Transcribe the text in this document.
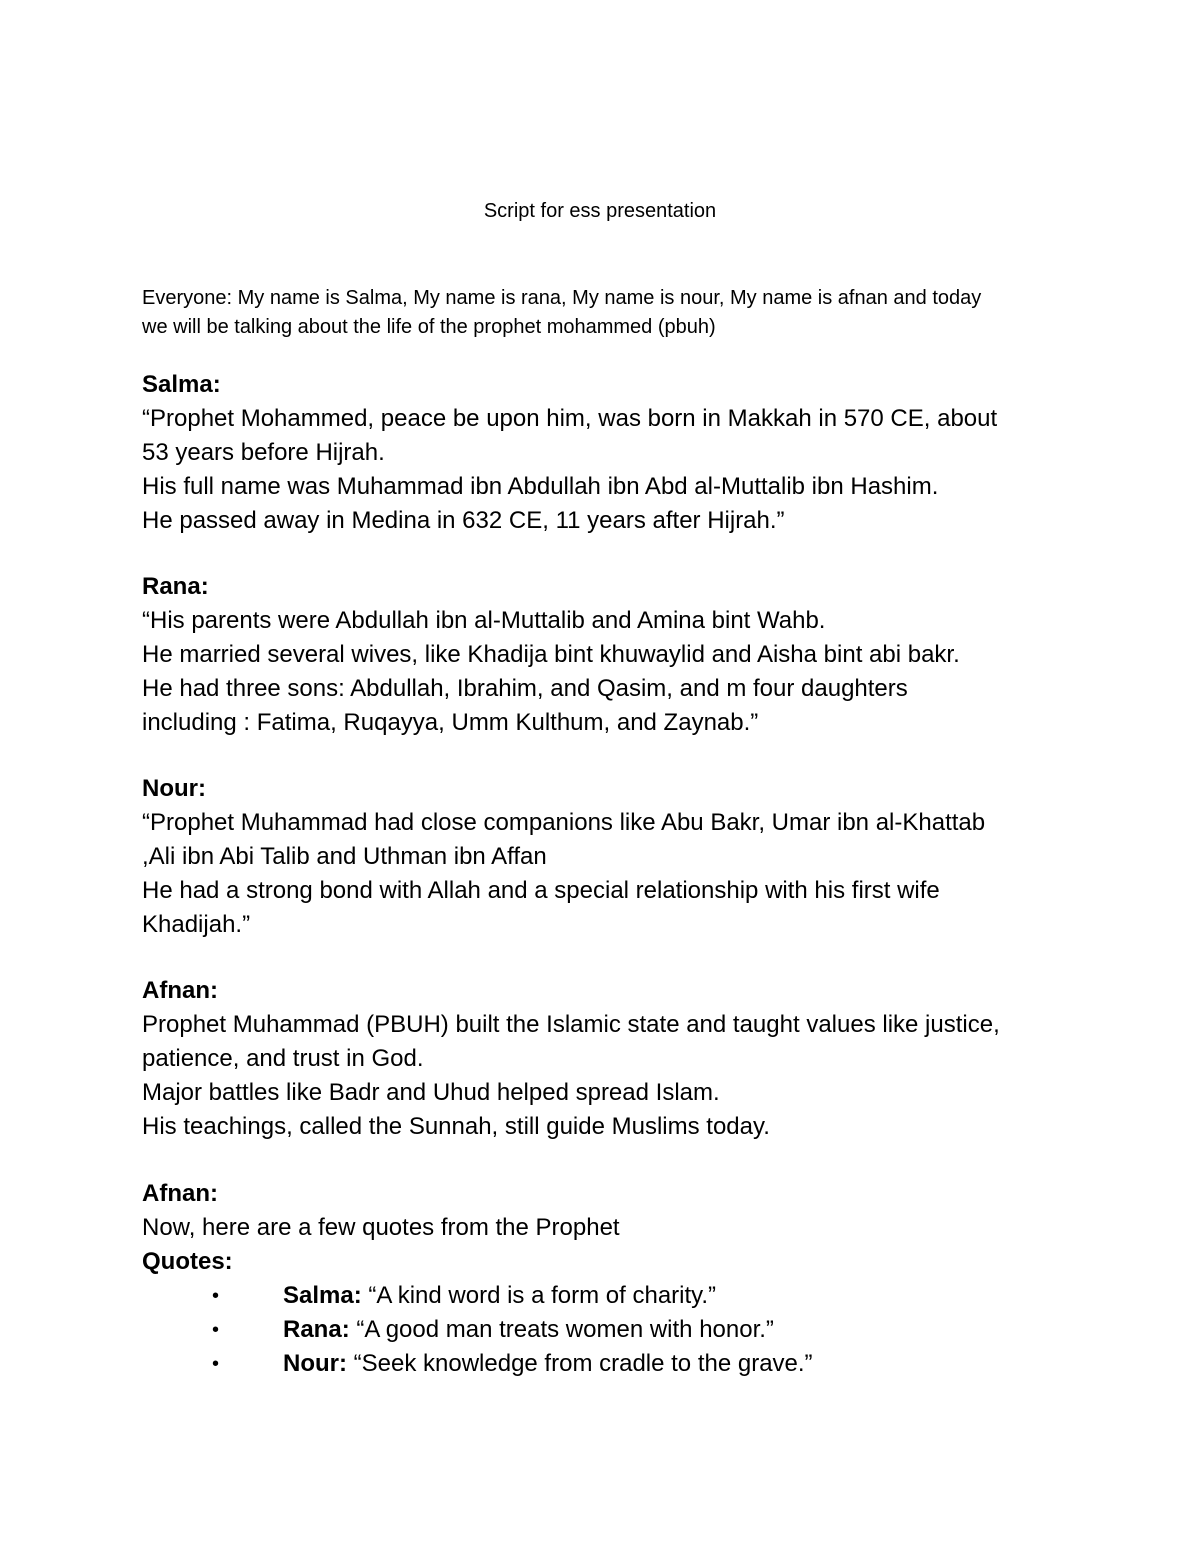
Script for ess presentation
Everyone: My name is Salma, My name is rana, My name is nour, My name is afnan and today
we will be talking about the life of the prophet mohammed (pbuh)
Salma:
“Prophet Mohammed, peace be upon him, was born in Makkah in 570 CE, about
53 years before Hijrah.
His full name was Muhammad ibn Abdullah ibn Abd al-Muttalib ibn Hashim.
He passed away in Medina in 632 CE, 11 years after Hijrah.”
Rana:
“His parents were Abdullah ibn al-Muttalib and Amina bint Wahb.
He married several wives, like Khadija bint khuwaylid and Aisha bint abi bakr.
He had three sons: Abdullah, Ibrahim, and Qasim, and m four daughters
including : Fatima, Ruqayya, Umm Kulthum, and Zaynab.”
Nour:
“Prophet Muhammad had close companions like Abu Bakr, Umar ibn al-Khattab
,Ali ibn Abi Talib and Uthman ibn Affan
He had a strong bond with Allah and a special relationship with his first wife
Khadijah.”
Afnan:
Prophet Muhammad (PBUH) built the Islamic state and taught values like justice,
patience, and trust in God.
Major battles like Badr and Uhud helped spread Islam.
His teachings, called the Sunnah, still guide Muslims today.
Afnan:
Now, here are a few quotes from the Prophet
Quotes:
•	Salma: “A kind word is a form of charity.”
•	Rana: “A good man treats women with honor.”
•	Nour: “Seek knowledge from cradle to the grave.”
